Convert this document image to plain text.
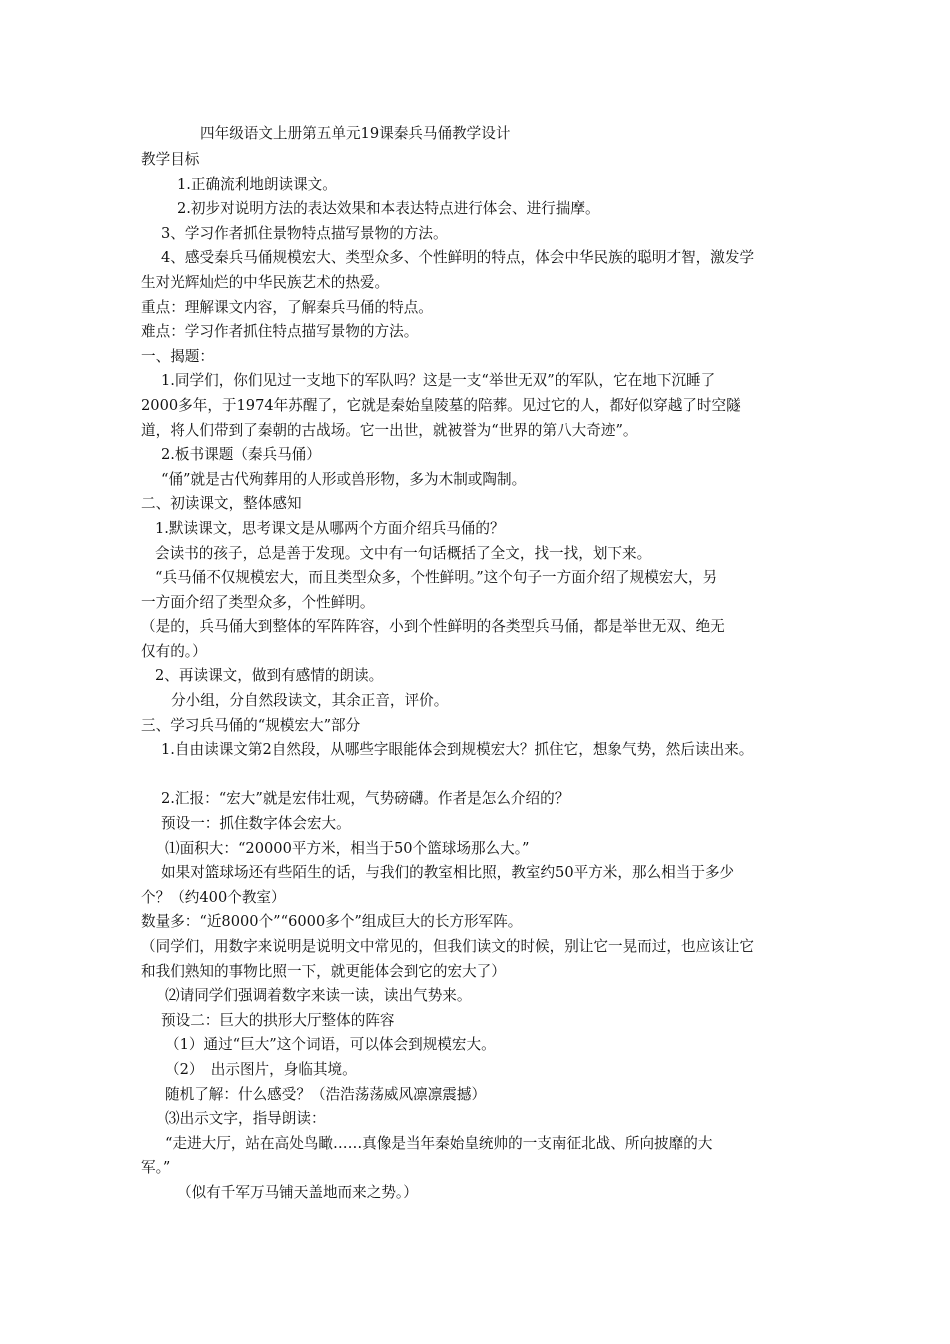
四年级语文上册第五单元19课秦兵马俑教学设计
教学目标
1.正确流利地朗读课文。
2.初步对说明方法的表达效果和本表达特点进行体会、进行揣摩。
3、学习作者抓住景物特点描写景物的方法。
4、感受秦兵马俑规模宏大、类型众多、个性鲜明的特点，体会中华民族的聪明才智，激发学
生对光辉灿烂的中华民族艺术的热爱。
重点：理解课文内容，了解秦兵马俑的特点。
难点：学习作者抓住特点描写景物的方法。
一、揭题：
1.同学们，你们见过一支地下的军队吗？这是一支“举世无双”的军队，它在地下沉睡了
2000多年，于1974年苏醒了，它就是秦始皇陵墓的陪葬。见过它的人，都好似穿越了时空隧
道，将人们带到了秦朝的古战场。它一出世，就被誉为“世界的第八大奇迹”。
2.板书课题（秦兵马俑）
“俑”就是古代殉葬用的人形或兽形物，多为木制或陶制。
二、初读课文，整体感知
1.默读课文，思考课文是从哪两个方面介绍兵马俑的？
会读书的孩子，总是善于发现。文中有一句话概括了全文，找一找，划下来。
“兵马俑不仅规模宏大，而且类型众多，个性鲜明。”这个句子一方面介绍了规模宏大，另
一方面介绍了类型众多，个性鲜明。
（是的，兵马俑大到整体的军阵阵容，小到个性鲜明的各类型兵马俑，都是举世无双、绝无
仅有的。）
2、再读课文，做到有感情的朗读。
分小组，分自然段读文，其余正音，评价。
三、学习兵马俑的“规模宏大”部分
1.自由读课文第2自然段，从哪些字眼能体会到规模宏大？抓住它，想象气势，然后读出来。
2.汇报：“宏大”就是宏伟壮观，气势磅礴。作者是怎么介绍的？
预设一：抓住数字体会宏大。
⑴面积大：“20000平方米，相当于50个篮球场那么大。”
如果对篮球场还有些陌生的话，与我们的教室相比照，教室约50平方米，那么相当于多少
个？（约400个教室）
数量多：“近8000个”“6000多个”组成巨大的长方形军阵。
（同学们，用数字来说明是说明文中常见的，但我们读文的时候，别让它一晃而过，也应该让它
和我们熟知的事物比照一下，就更能体会到它的宏大了）
⑵请同学们强调着数字来读一读，读出气势来。
预设二：巨大的拱形大厅整体的阵容
（1）通过“巨大”这个词语，可以体会到规模宏大。
（2）　出示图片，身临其境。
随机了解：什么感受？（浩浩荡荡威风凛凛震撼）
⑶出示文字，指导朗读：
“走进大厅，站在高处鸟瞰……真像是当年秦始皇统帅的一支南征北战、所向披靡的大
军。”
（似有千军万马铺天盖地而来之势。）
